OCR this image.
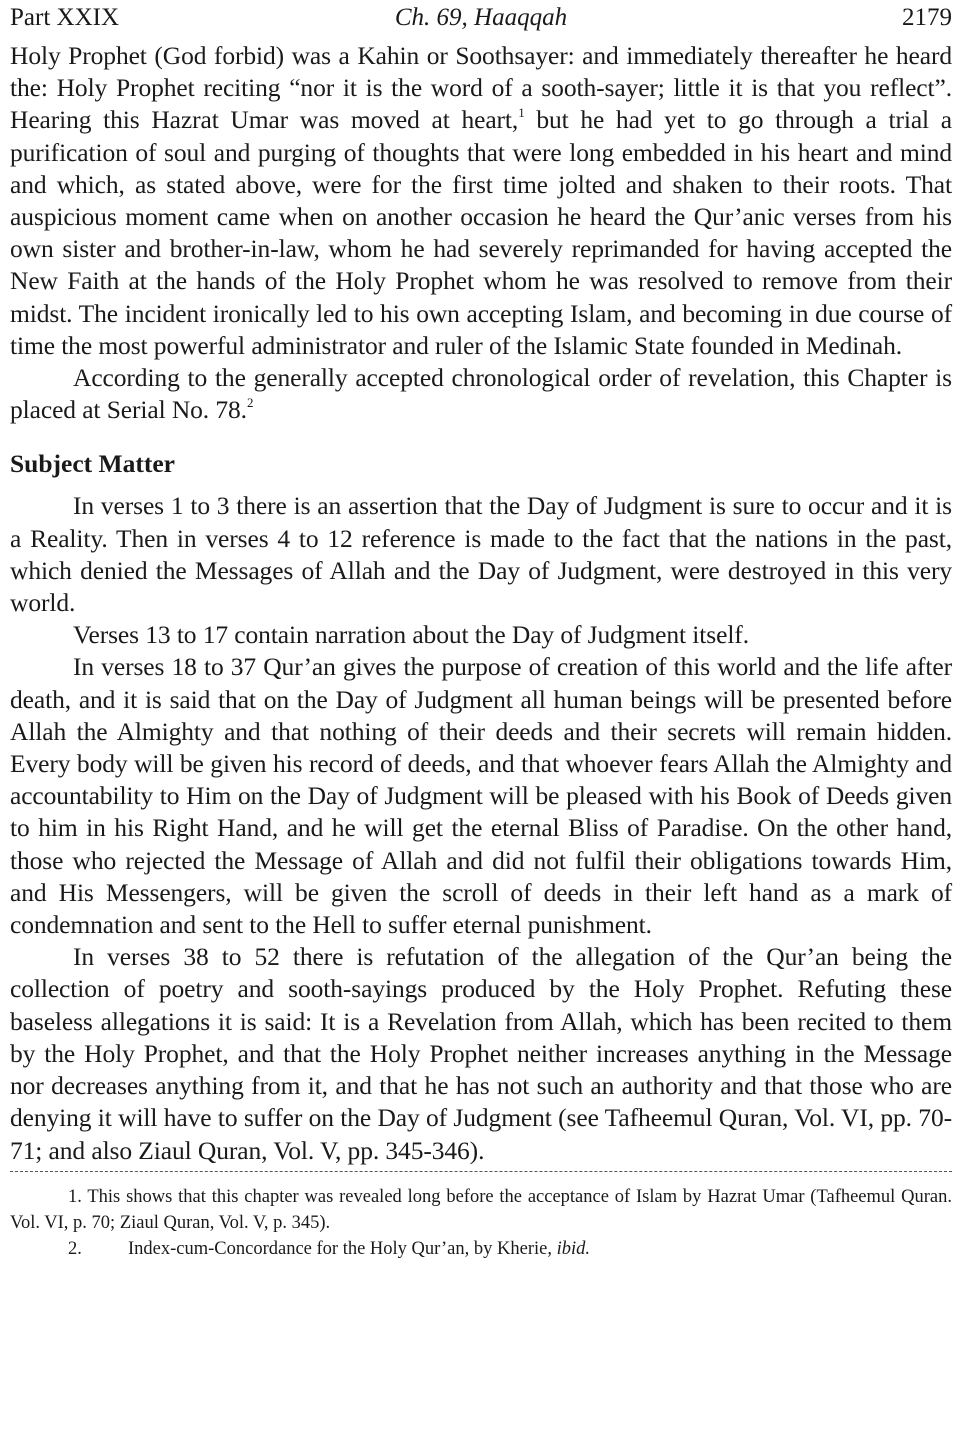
Part XXIX	Ch. 69, Haaqqah	2179

Holy Prophet (God forbid) was a Kahin or Soothsayer: and immediately thereafter he heard the: Holy Prophet reciting “nor it is the word of a sooth-sayer; little it is that you reflect”. Hearing this Hazrat Umar was moved at heart,$^1$ but he had yet to go through a trial a purification of soul and purging of thoughts that were long embedded in his heart and mind and which, as stated above, were for the first time jolted and shaken to their roots. That auspicious moment came when on another occasion he heard the Qur’anic verses from his own sister and brother-in-law, whom he had severely reprimanded for having accepted the New Faith at the hands of the Holy Prophet whom he was resolved to remove from their midst. The incident ironically led to his own accepting Islam, and becoming in due course of time the most powerful administrator and ruler of the Islamic State founded in Medinah.

According to the generally accepted chronological order of revelation, this Chapter is placed at Serial No. 78.$^2$

Subject Matter

In verses 1 to 3 there is an assertion that the Day of Judgment is sure to occur and it is a Reality. Then in verses 4 to 12 reference is made to the fact that the nations in the past, which denied the Messages of Allah and the Day of Judgment, were destroyed in this very world.

Verses 13 to 17 contain narration about the Day of Judgment itself.

In verses 18 to 37 Qur’an gives the purpose of creation of this world and the life after death, and it is said that on the Day of Judgment all human beings will be presented before Allah the Almighty and that nothing of their deeds and their secrets will remain hidden. Every body will be given his record of deeds, and that whoever fears Allah the Almighty and accountability to Him on the Day of Judgment will be pleased with his Book of Deeds given to him in his Right Hand, and he will get the eternal Bliss of Paradise. On the other hand, those who rejected the Message of Allah and did not fulfil their obligations towards Him, and His Messengers, will be given the scroll of deeds in their left hand as a mark of condemnation and sent to the Hell to suffer eternal punishment.

In verses 38 to 52 there is refutation of the allegation of the Qur’an being the collection of poetry and sooth-sayings produced by the Holy Prophet. Refuting these baseless allegations it is said: It is a Revelation from Allah, which has been recited to them by the Holy Prophet, and that the Holy Prophet neither increases anything in the Message nor decreases anything from it, and that he has not such an authority and that those who are denying it will have to suffer on the Day of Judgment (see Tafheemul Quran, Vol. VI, pp. 70-71; and also Ziaul Quran, Vol. V, pp. 345-346).

1. This shows that this chapter was revealed long before the acceptance of Islam by Hazrat Umar (Tafheemul Quran. Vol. VI, p. 70; Ziaul Quran, Vol. V, p. 345).

2. Index-cum-Concordance for the Holy Qur’an, by Kherie, ibid.
